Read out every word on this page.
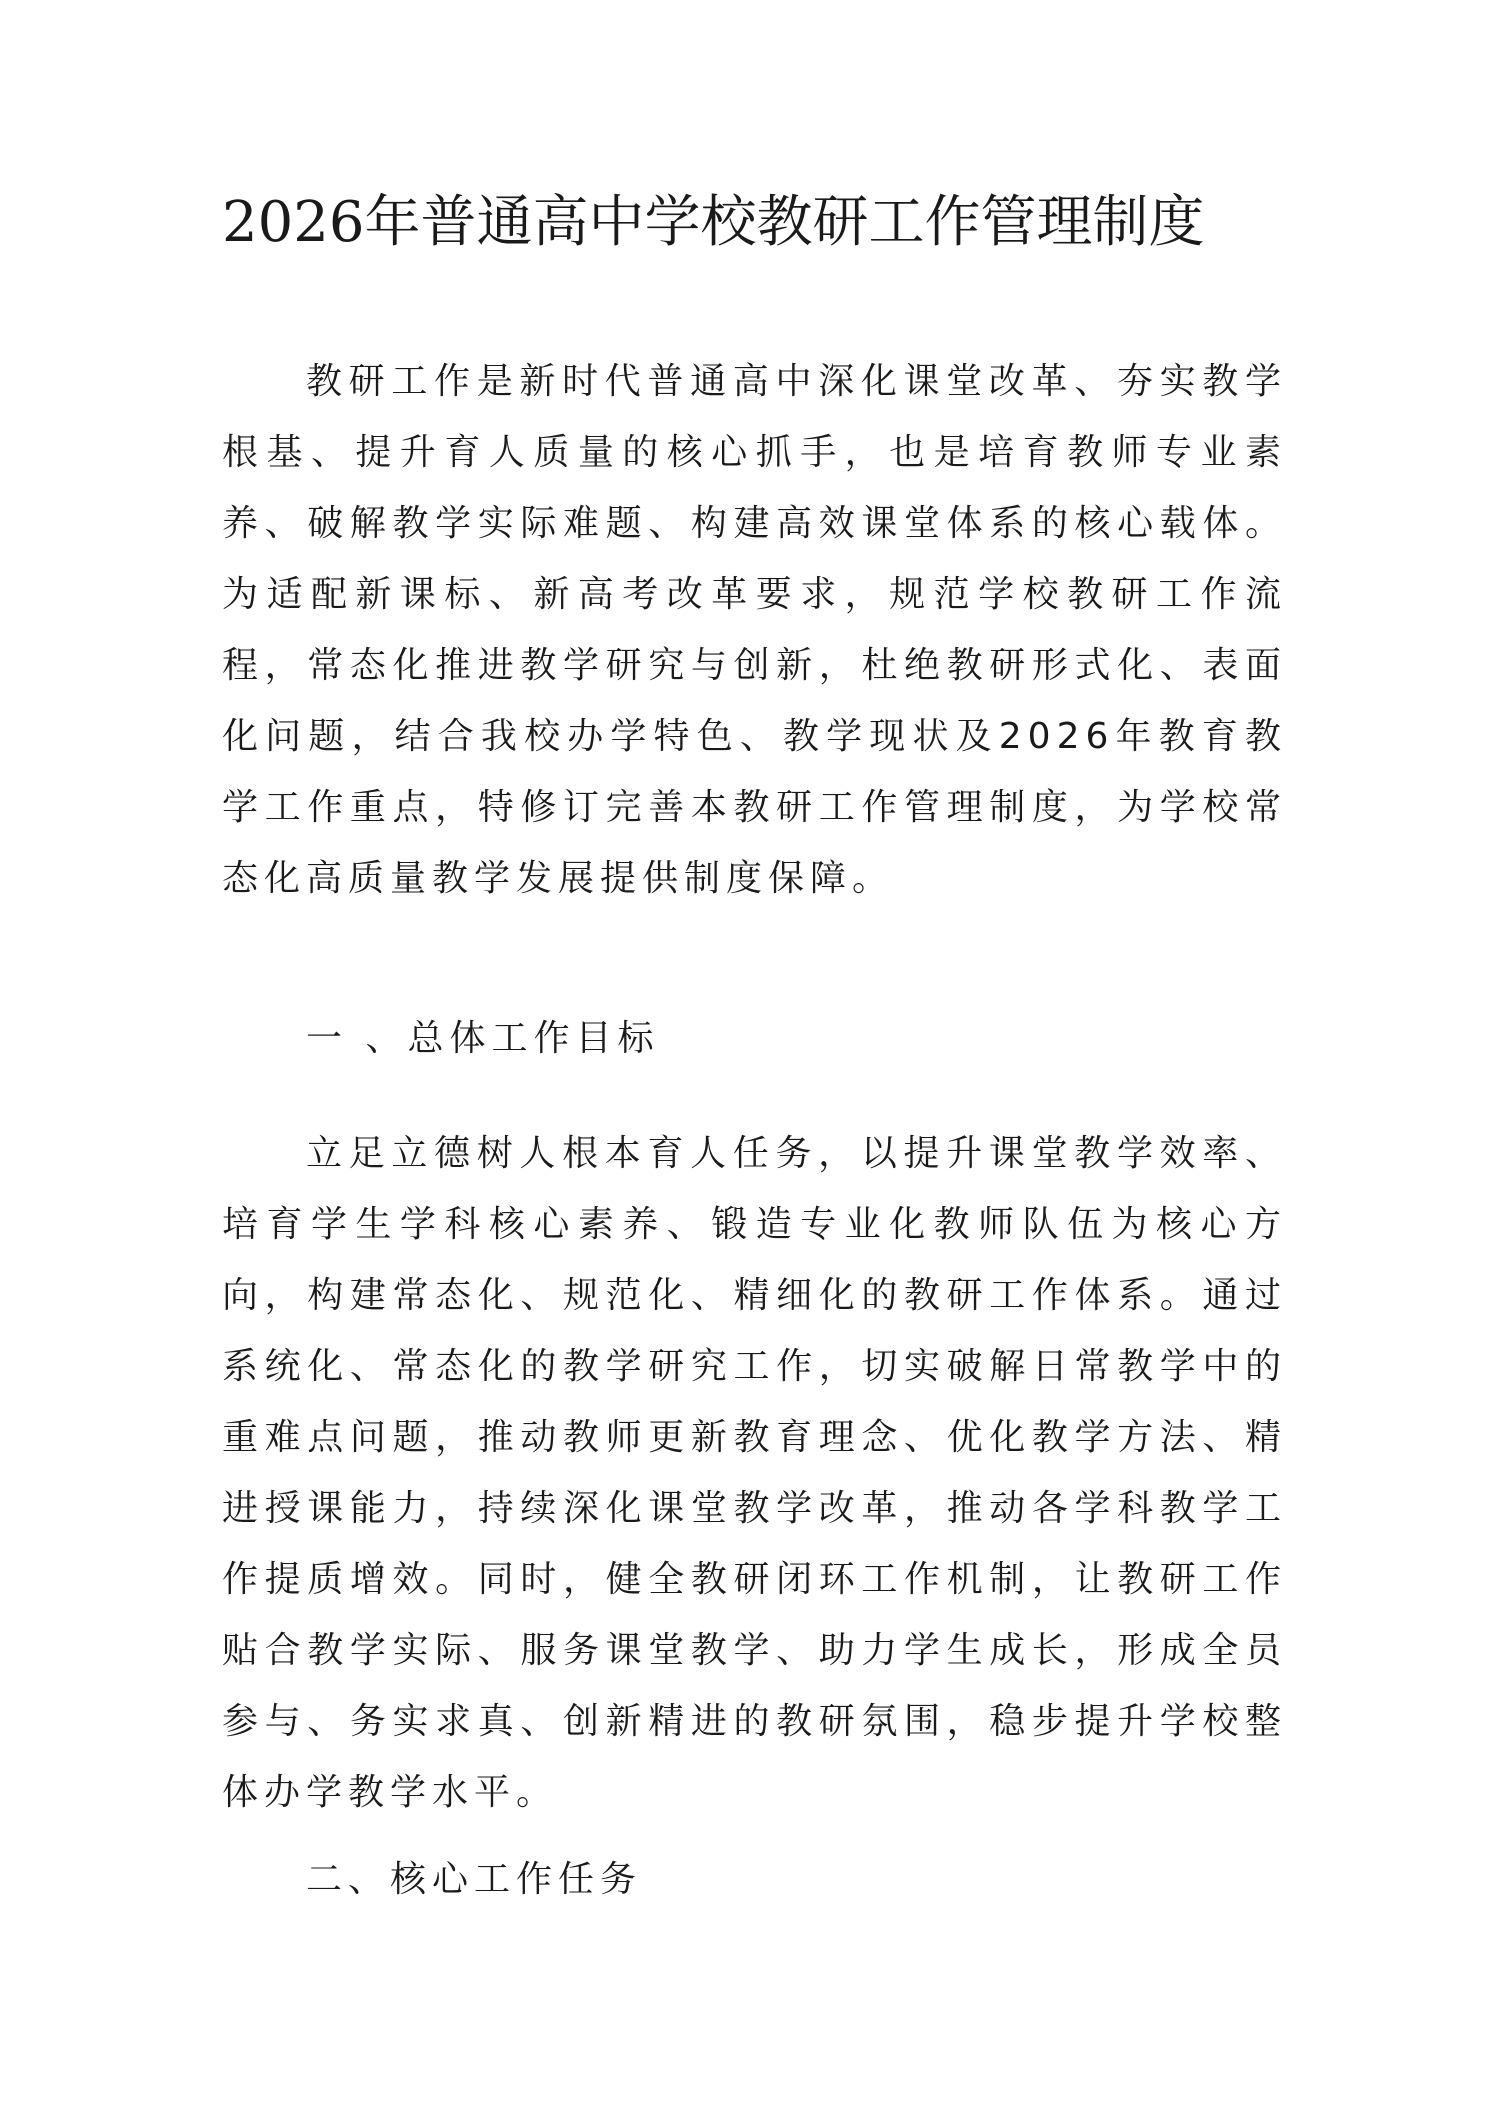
2026年普通高中学校教研工作管理制度

教研工作是新时代普通高中深化课堂改革、夯实教学根基、提升育人质量的核心抓手，也是培育教师专业素养、破解教学实际难题、构建高效课堂体系的核心载体。为适配新课标、新高考改革要求，规范学校教研工作流程，常态化推进教学研究与创新，杜绝教研形式化、表面化问题，结合我校办学特色、教学现状及2026年教育教学工作重点，特修订完善本教研工作管理制度，为学校常态化高质量教学发展提供制度保障。

一 、总体工作目标

立足立德树人根本育人任务，以提升课堂教学效率、培育学生学科核心素养、锻造专业化教师队伍为核心方向，构建常态化、规范化、精细化的教研工作体系。通过系统化、常态化的教学研究工作，切实破解日常教学中的重难点问题，推动教师更新教育理念、优化教学方法、精进授课能力，持续深化课堂教学改革，推动各学科教学工作提质增效。同时，健全教研闭环工作机制，让教研工作贴合教学实际、服务课堂教学、助力学生成长，形成全员参与、务实求真、创新精进的教研氛围，稳步提升学校整体办学教学水平。

二、核心工作任务
